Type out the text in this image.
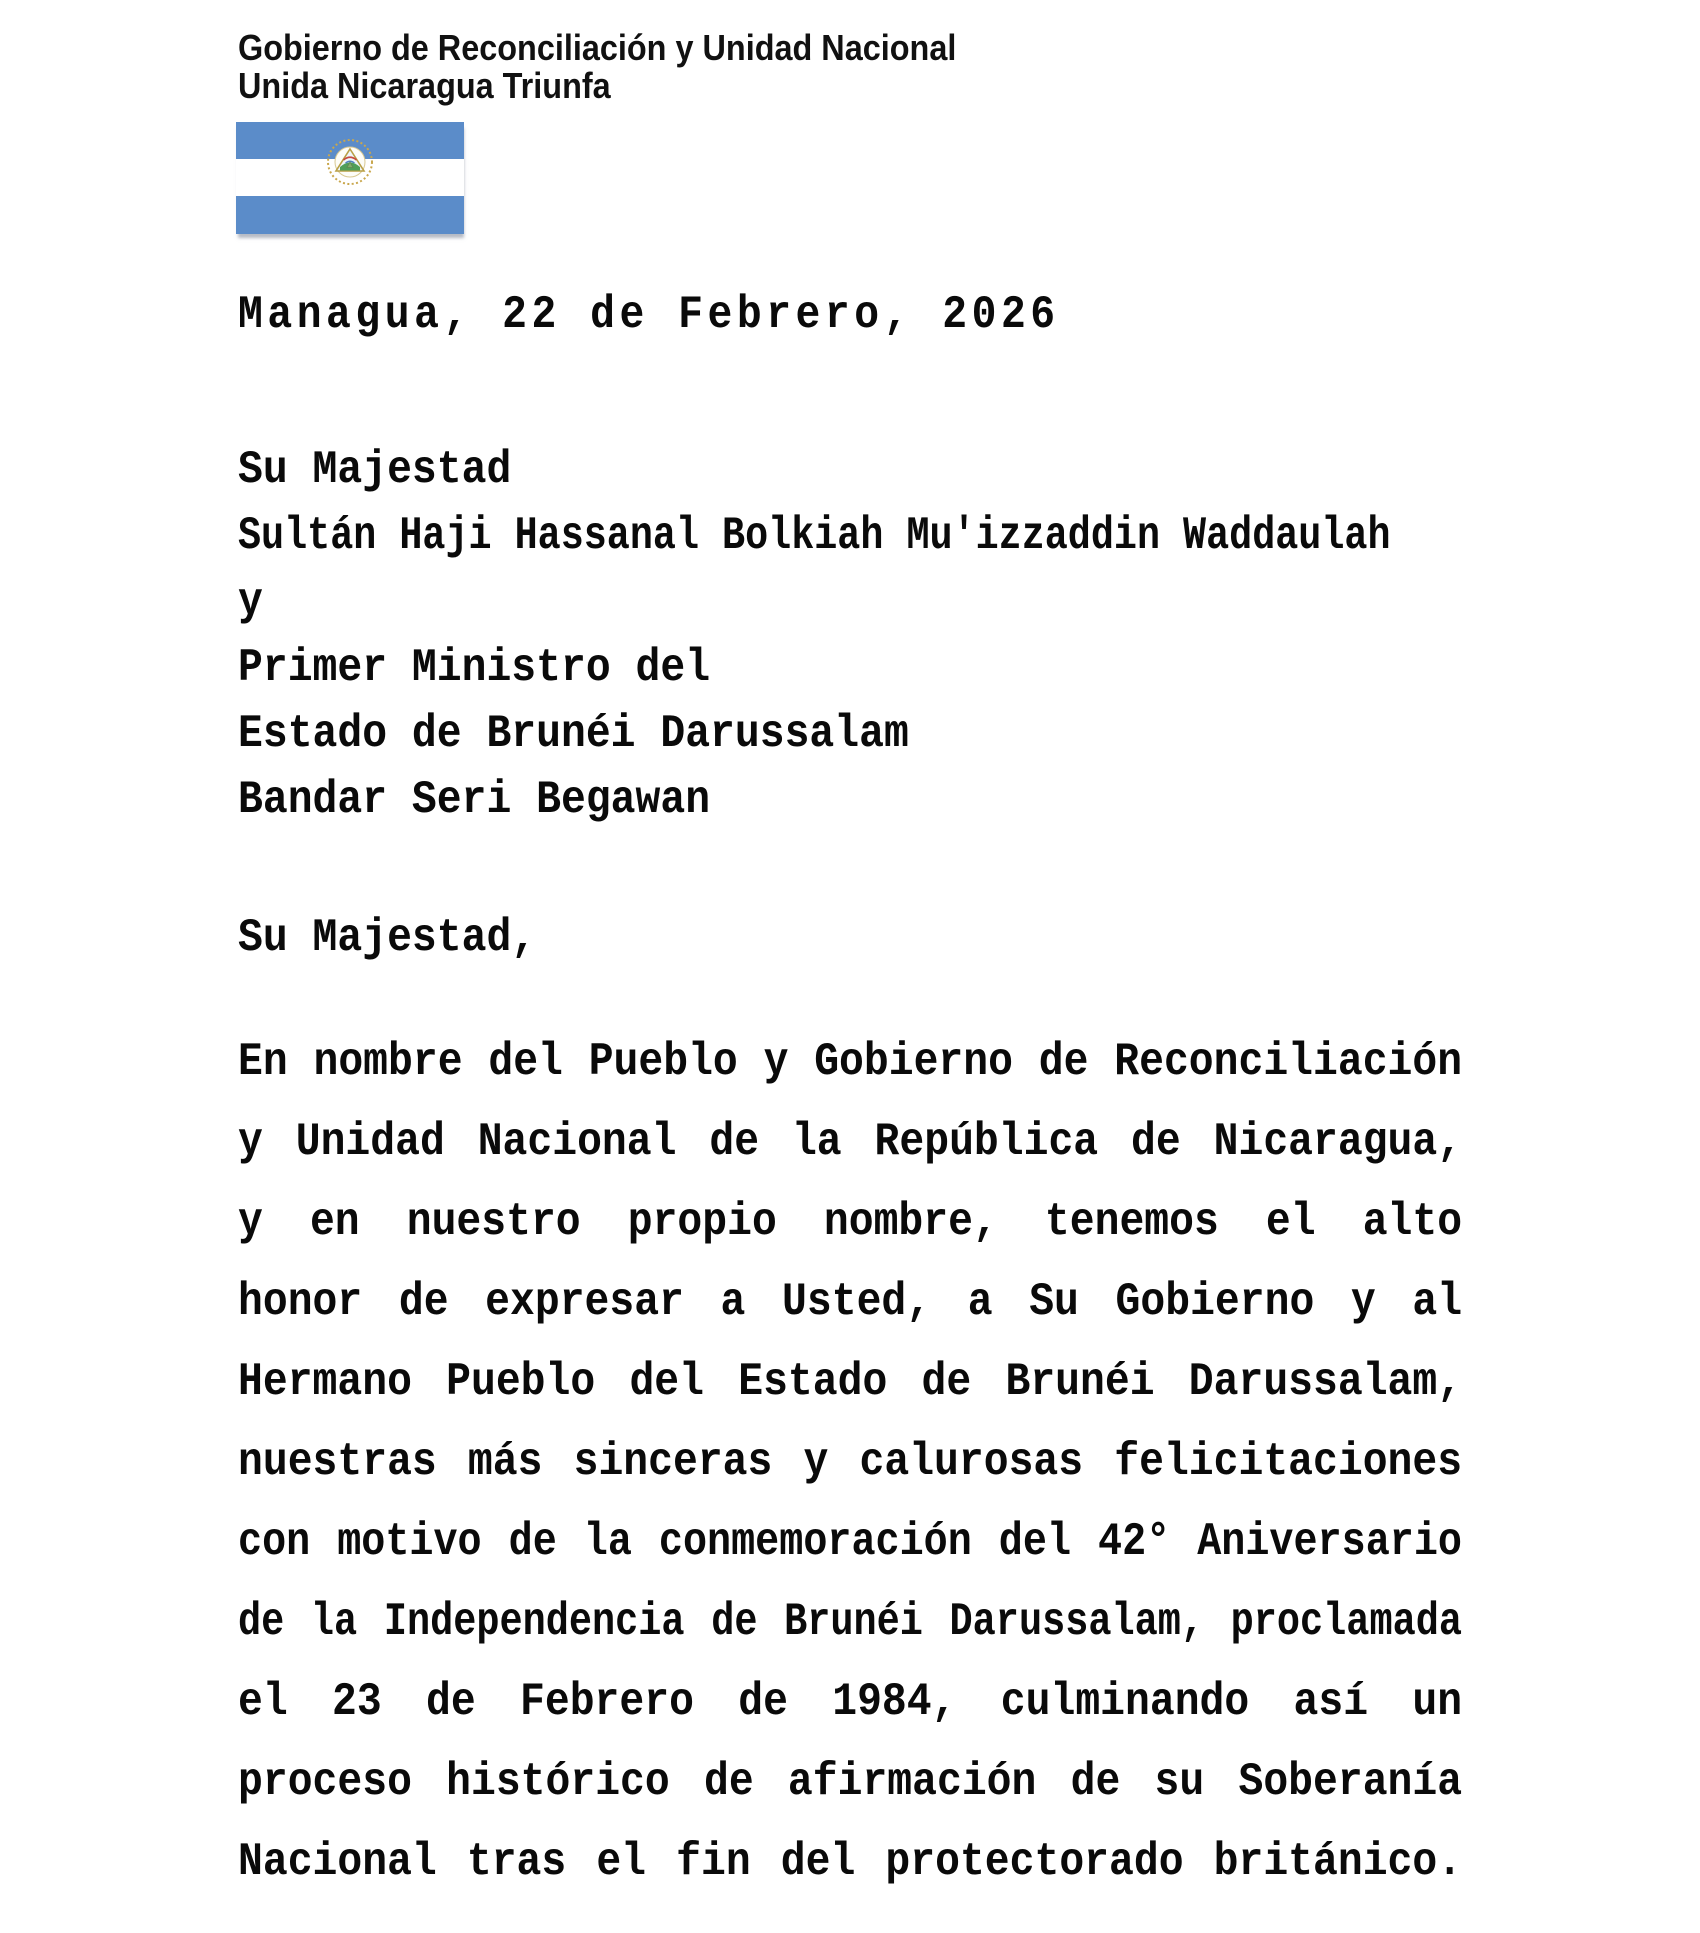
Gobierno de Reconciliación y Unidad Nacional
Unida Nicaragua Triunfa
Managua, 22 de Febrero, 2026
Su Majestad
Sultán Haji Hassanal Bolkiah Mu'izzaddin Waddaulah
y
Primer Ministro del
Estado de Brunéi Darussalam
Bandar Seri Begawan
Su Majestad,
En nombre del Pueblo y Gobierno de Reconciliación
y Unidad Nacional de la República de Nicaragua,
y en nuestro propio nombre, tenemos el alto
honor de expresar a Usted, a Su Gobierno y al
Hermano Pueblo del Estado de Brunéi Darussalam,
nuestras más sinceras y calurosas felicitaciones
con motivo de la conmemoración del 42° Aniversario
de la Independencia de Brunéi Darussalam, proclamada
el 23 de Febrero de 1984, culminando así un
proceso histórico de afirmación de su Soberanía
Nacional tras el fin del protectorado británico.
